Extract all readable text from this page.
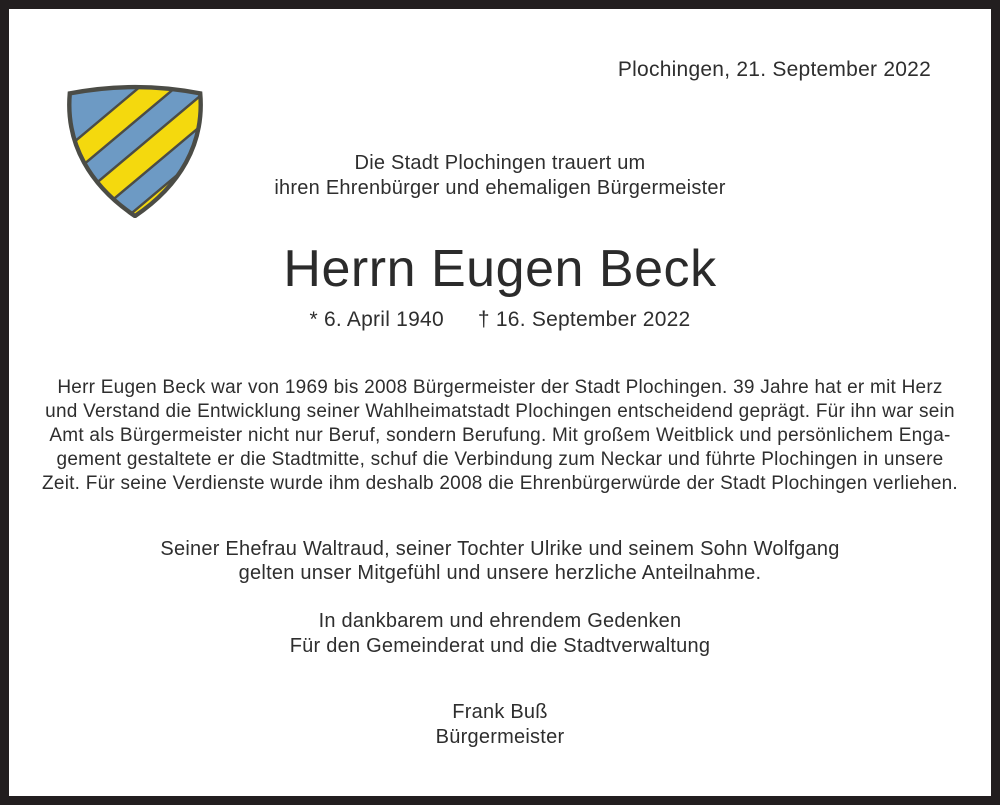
Plochingen, 21. September 2022
Die Stadt Plochingen trauert um
ihren Ehrenbürger und ehemaligen Bürgermeister
Herrn Eugen Beck
* 6. April 1940 † 16. September 2022
Herr Eugen Beck war von 1969 bis 2008 Bürgermeister der Stadt Plochingen. 39 Jahre hat er mit Herz
und Verstand die Entwicklung seiner Wahlheimatstadt Plochingen entscheidend geprägt. Für ihn war sein
Amt als Bürgermeister nicht nur Beruf, sondern Berufung. Mit großem Weitblick und persönlichem Enga-
gement gestaltete er die Stadtmitte, schuf die Verbindung zum Neckar und führte Plochingen in unsere
Zeit. Für seine Verdienste wurde ihm deshalb 2008 die Ehrenbürgerwürde der Stadt Plochingen verliehen.
Seiner Ehefrau Waltraud, seiner Tochter Ulrike und seinem Sohn Wolfgang
gelten unser Mitgefühl und unsere herzliche Anteilnahme.
In dankbarem und ehrendem Gedenken
Für den Gemeinderat und die Stadtverwaltung
Frank Buß
Bürgermeister
